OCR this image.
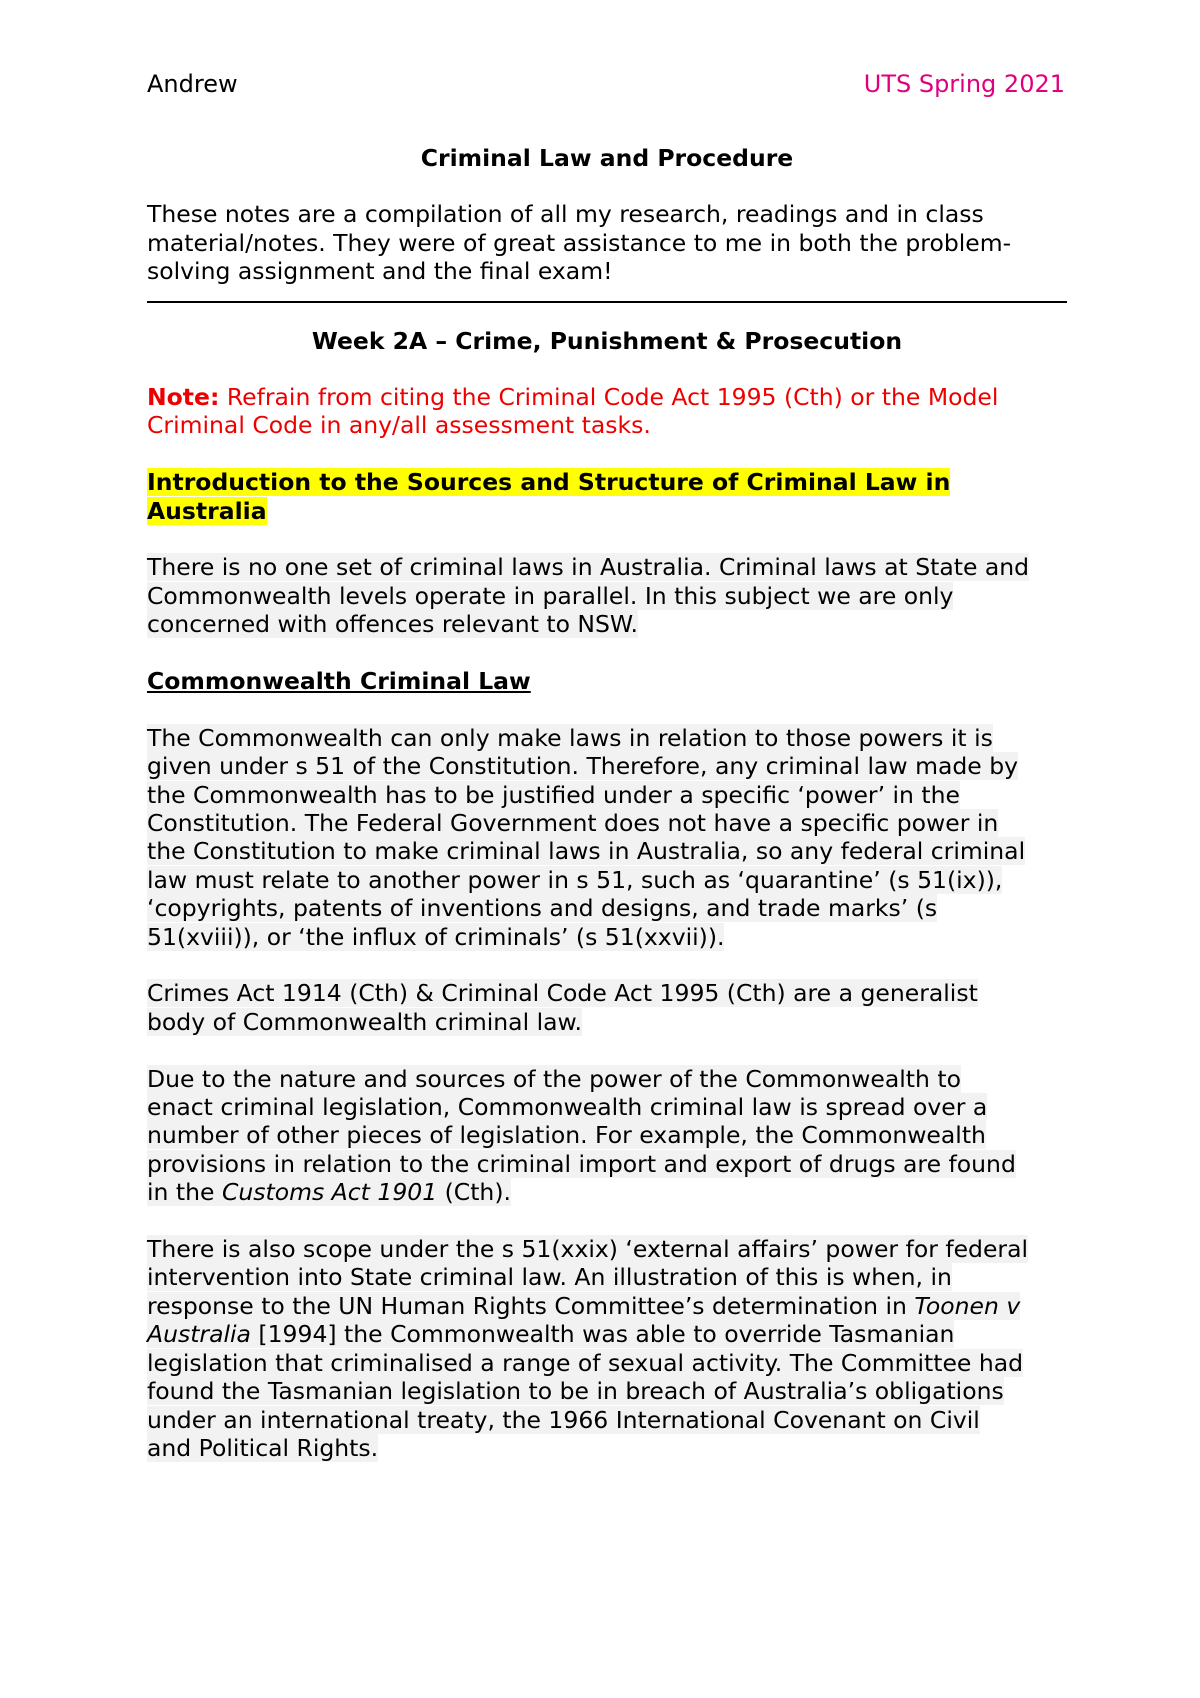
Andrew	UTS Spring 2021
Criminal Law and Procedure
These notes are a compilation of all my research, readings and in class
material/notes. They were of great assistance to me in both the problem-
solving assignment and the final exam!
Week 2A – Crime, Punishment & Prosecution
Note: Refrain from citing the Criminal Code Act 1995 (Cth) or the Model
Criminal Code in any/all assessment tasks.
Introduction to the Sources and Structure of Criminal Law in
Australia
There is no one set of criminal laws in Australia. Criminal laws at State and
Commonwealth levels operate in parallel. In this subject we are only
concerned with offences relevant to NSW.
Commonwealth Criminal Law
The Commonwealth can only make laws in relation to those powers it is
given under s 51 of the Constitution. Therefore, any criminal law made by
the Commonwealth has to be justified under a specific ‘power’ in the
Constitution. The Federal Government does not have a specific power in
the Constitution to make criminal laws in Australia, so any federal criminal
law must relate to another power in s 51, such as ‘quarantine’ (s 51(ix)),
‘copyrights, patents of inventions and designs, and trade marks’ (s
51(xviii)), or ‘the influx of criminals’ (s 51(xxvii)).
Crimes Act 1914 (Cth) & Criminal Code Act 1995 (Cth) are a generalist
body of Commonwealth criminal law.
Due to the nature and sources of the power of the Commonwealth to
enact criminal legislation, Commonwealth criminal law is spread over a
number of other pieces of legislation. For example, the Commonwealth
provisions in relation to the criminal import and export of drugs are found
in the Customs Act 1901 (Cth).
There is also scope under the s 51(xxix) ‘external affairs’ power for federal
intervention into State criminal law. An illustration of this is when, in
response to the UN Human Rights Committee’s determination in Toonen v
Australia [1994] the Commonwealth was able to override Tasmanian
legislation that criminalised a range of sexual activity. The Committee had
found the Tasmanian legislation to be in breach of Australia’s obligations
under an international treaty, the 1966 International Covenant on Civil
and Political Rights.
